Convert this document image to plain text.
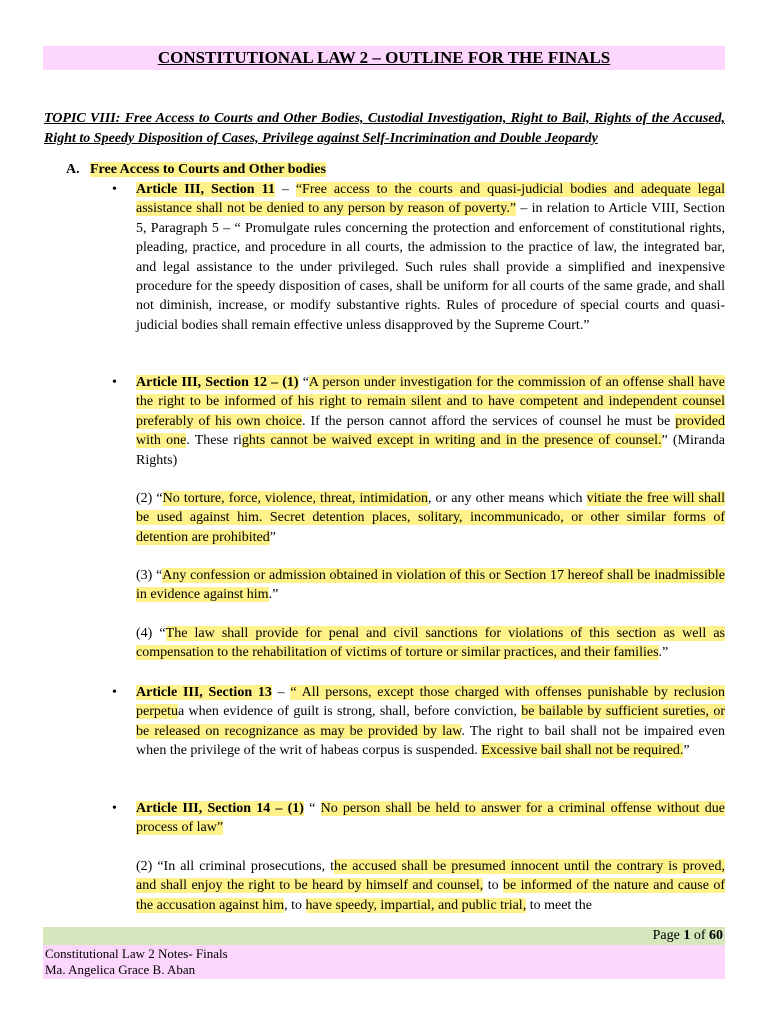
CONSTITUTIONAL LAW 2 – OUTLINE FOR THE FINALS
TOPIC VIII: Free Access to Courts and Other Bodies, Custodial Investigation, Right to Bail, Rights of the Accused, Right to Speedy Disposition of Cases, Privilege against Self-Incrimination and Double Jeopardy
A. Free Access to Courts and Other bodies
• Article III, Section 11 – “Free access to the courts and quasi-judicial bodies and adequate legal assistance shall not be denied to any person by reason of poverty.” – in relation to Article VIII, Section 5, Paragraph 5 – “ Promulgate rules concerning the protection and enforcement of constitutional rights, pleading, practice, and procedure in all courts, the admission to the practice of law, the integrated bar, and legal assistance to the under privileged. Such rules shall provide a simplified and inexpensive procedure for the speedy disposition of cases, shall be uniform for all courts of the same grade, and shall not diminish, increase, or modify substantive rights. Rules of procedure of special courts and quasi-judicial bodies shall remain effective unless disapproved by the Supreme Court.”
• Article III, Section 12 – (1) “A person under investigation for the commission of an offense shall have the right to be informed of his right to remain silent and to have competent and independent counsel preferably of his own choice. If the person cannot afford the services of counsel he must be provided with one. These rights cannot be waived except in writing and in the presence of counsel.” (Miranda Rights)
(2) “No torture, force, violence, threat, intimidation, or any other means which vitiate the free will shall be used against him. Secret detention places, solitary, incommunicado, or other similar forms of detention are prohibited”
(3) “Any confession or admission obtained in violation of this or Section 17 hereof shall be inadmissible in evidence against him.”
(4) “The law shall provide for penal and civil sanctions for violations of this section as well as compensation to the rehabilitation of victims of torture or similar practices, and their families.”
• Article III, Section 13 – “ All persons, except those charged with offenses punishable by reclusion perpetua when evidence of guilt is strong, shall, before conviction, be bailable by sufficient sureties, or be released on recognizance as may be provided by law. The right to bail shall not be impaired even when the privilege of the writ of habeas corpus is suspended. Excessive bail shall not be required.”
• Article III, Section 14 – (1) “ No person shall be held to answer for a criminal offense without due process of law”
(2) “In all criminal prosecutions, the accused shall be presumed innocent until the contrary is proved, and shall enjoy the right to be heard by himself and counsel, to be informed of the nature and cause of the accusation against him, to have speedy, impartial, and public trial, to meet the
Page 1 of 60
Constitutional Law 2 Notes- Finals
Ma. Angelica Grace B. Aban
